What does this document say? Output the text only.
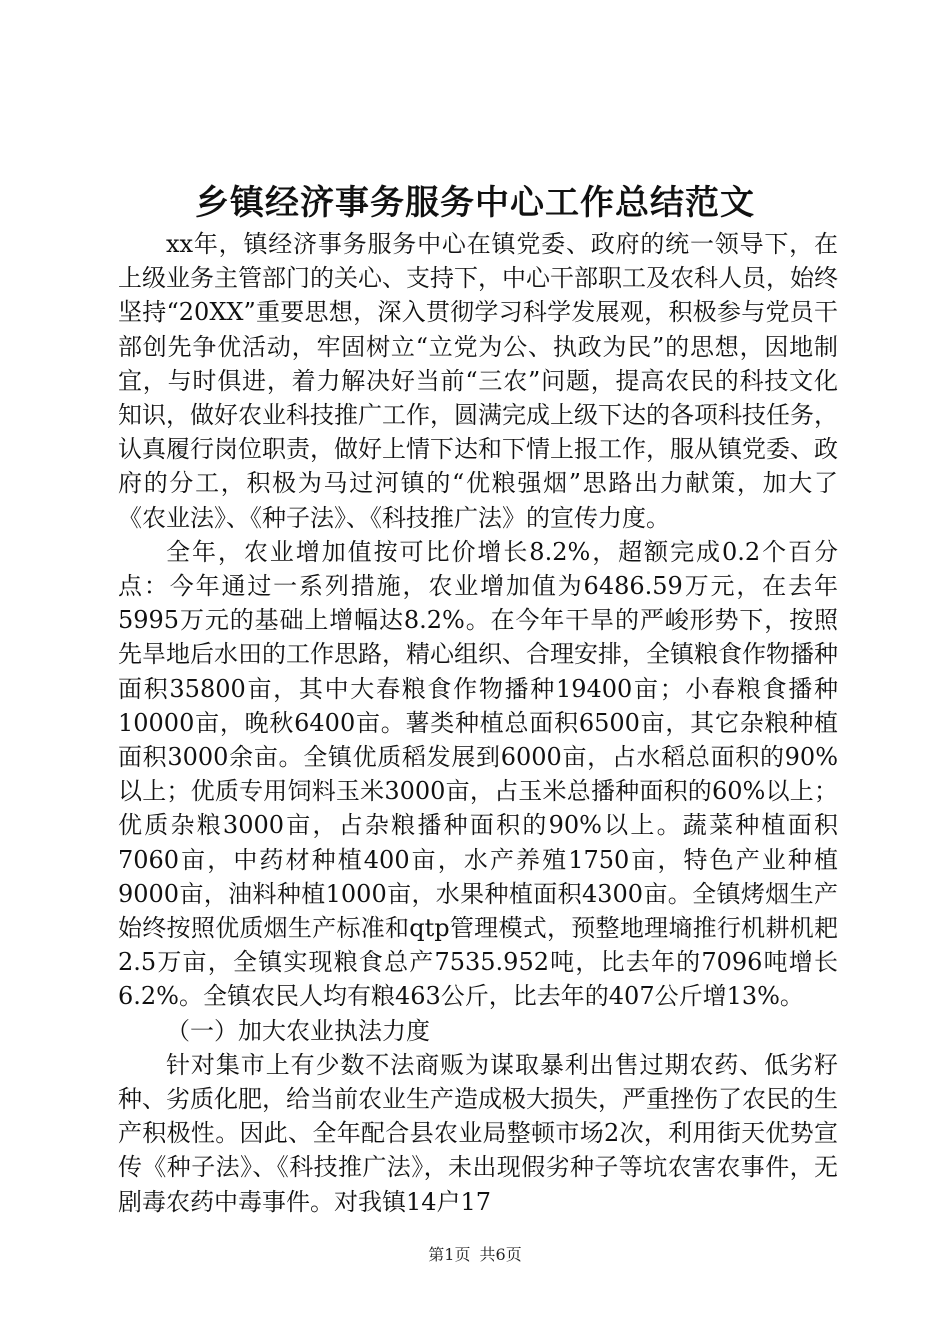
乡镇经济事务服务中心工作总结范文

xx年，镇经济事务服务中心在镇党委、政府的统一领导下，在上级业务主管部门的关心、支持下，中心干部职工及农科人员，始终坚持“20XX”重要思想，深入贯彻学习科学发展观，积极参与党员干部创先争优活动，牢固树立“立党为公、执政为民”的思想，因地制宜，与时俱进，着力解决好当前“三农”问题，提高农民的科技文化知识，做好农业科技推广工作，圆满完成上级下达的各项科技任务，认真履行岗位职责，做好上情下达和下情上报工作，服从镇党委、政府的分工，积极为马过河镇的“优粮强烟”思路出力献策，加大了《农业法》、《种子法》、《科技推广法》的宣传力度。

全年，农业增加值按可比价增长8.2%，超额完成0.2个百分点：今年通过一系列措施，农业增加值为6486.59万元，在去年5995万元的基础上增幅达8.2%。在今年干旱的严峻形势下，按照先旱地后水田的工作思路，精心组织、合理安排，全镇粮食作物播种面积35800亩，其中大春粮食作物播种19400亩；小春粮食播种10000亩，晚秋6400亩。薯类种植总面积6500亩，其它杂粮种植面积3000余亩。全镇优质稻发展到6000亩，占水稻总面积的90%以上；优质专用饲料玉米3000亩，占玉米总播种面积的60%以上；优质杂粮3000亩，占杂粮播种面积的90%以上。蔬菜种植面积7060亩，中药材种植400亩，水产养殖1750亩，特色产业种植9000亩，油料种植1000亩，水果种植面积4300亩。全镇烤烟生产始终按照优质烟生产标准和qtp管理模式，预整地理墒推行机耕机耙2.5万亩，全镇实现粮食总产7535.952吨，比去年的7096吨增长6.2%。全镇农民人均有粮463公斤，比去年的407公斤增13%。

（一）加大农业执法力度

针对集市上有少数不法商贩为谋取暴利出售过期农药、低劣籽种、劣质化肥，给当前农业生产造成极大损失，严重挫伤了农民的生产积极性。因此、全年配合县农业局整顿市场2次，利用街天优势宣传《种子法》、《科技推广法》，未出现假劣种子等坑农害农事件，无剧毒农药中毒事件。对我镇14户17

第1页 共6页
